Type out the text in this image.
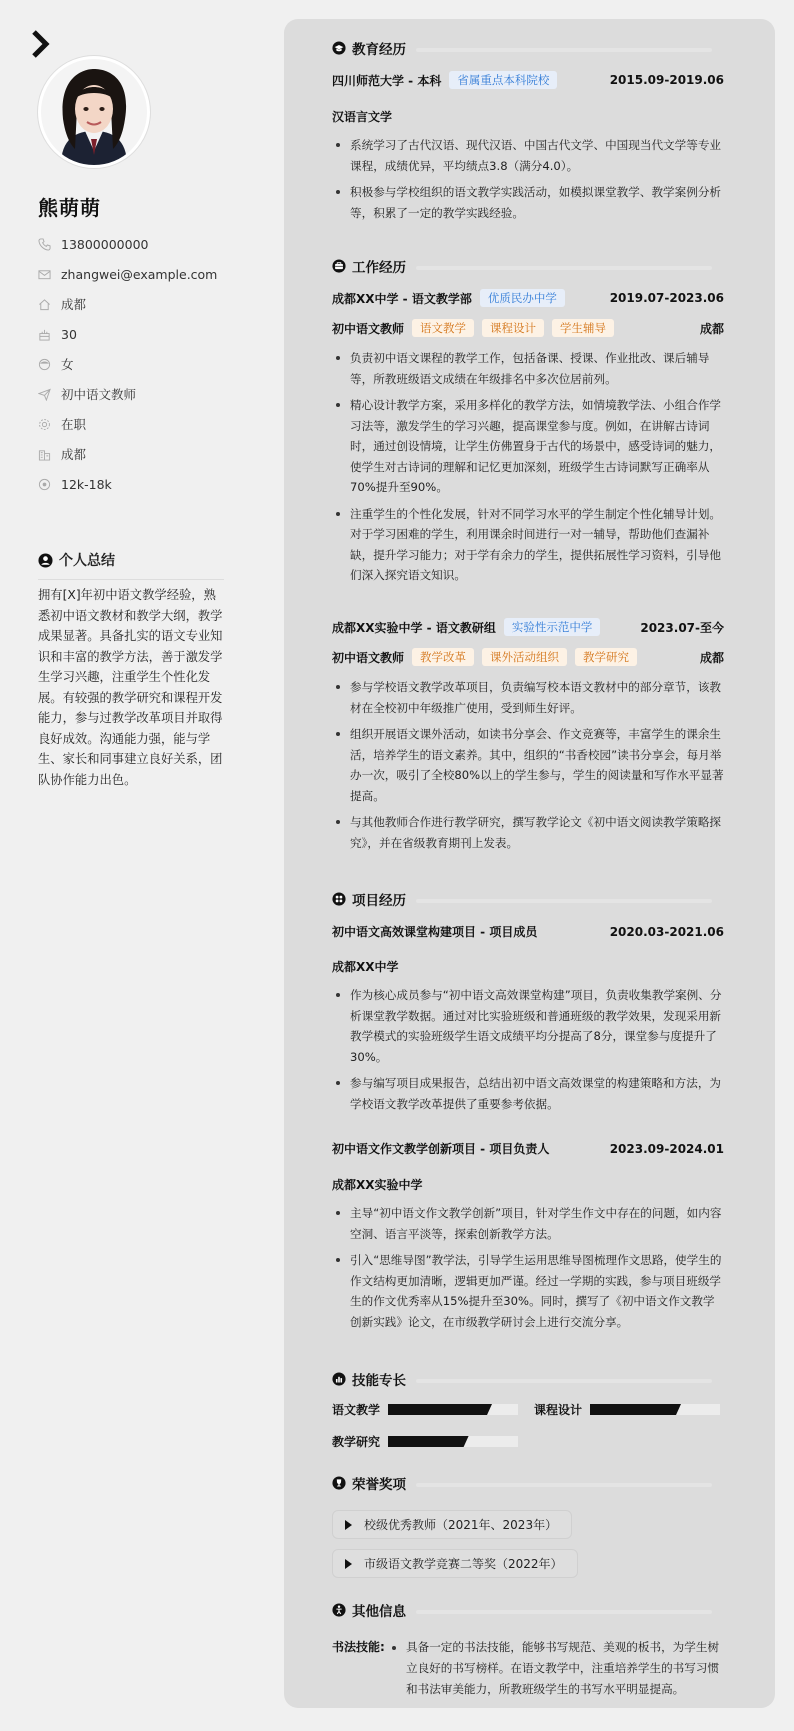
熊萌萌
13800000000
zhangwei@example.com
成都
30
女
初中语文教师
在职
成都
12k-18k
个人总结
拥有[X]年初中语文教学经验，熟悉初中语文教材和教学大纲，教学成果显著。具备扎实的语文专业知识和丰富的教学方法，善于激发学生学习兴趣，注重学生个性化发展。有较强的教学研究和课程开发能力，参与过教学改革项目并取得良好成效。沟通能力强，能与学生、家长和同事建立良好关系，团队协作能力出色。
教育经历
四川师范大学 - 本科	省属重点本科院校	2015.09-2019.06
汉语言文学
系统学习了古代汉语、现代汉语、中国古代文学、中国现当代文学等专业课程，成绩优异，平均绩点3.8（满分4.0）。
积极参与学校组织的语文教学实践活动，如模拟课堂教学、教学案例分析等，积累了一定的教学实践经验。
工作经历
成都XX中学 - 语文教学部	优质民办中学	2019.07-2023.06
初中语文教师	语文教学	课程设计	学生辅导	成都
负责初中语文课程的教学工作，包括备课、授课、作业批改、课后辅导等，所教班级语文成绩在年级排名中多次位居前列。
精心设计教学方案，采用多样化的教学方法，如情境教学法、小组合作学习法等，激发学生的学习兴趣，提高课堂参与度。例如，在讲解古诗词时，通过创设情境，让学生仿佛置身于古代的场景中，感受诗词的魅力，使学生对古诗词的理解和记忆更加深刻，班级学生古诗词默写正确率从70%提升至90%。
注重学生的个性化发展，针对不同学习水平的学生制定个性化辅导计划。对于学习困难的学生，利用课余时间进行一对一辅导，帮助他们查漏补缺，提升学习能力；对于学有余力的学生，提供拓展性学习资料，引导他们深入探究语文知识。
成都XX实验中学 - 语文教研组	实验性示范中学	2023.07-至今
初中语文教师	教学改革	课外活动组织	教学研究	成都
参与学校语文教学改革项目，负责编写校本语文教材中的部分章节，该教材在全校初中年级推广使用，受到师生好评。
组织开展语文课外活动，如读书分享会、作文竞赛等，丰富学生的课余生活，培养学生的语文素养。其中，组织的“书香校园”读书分享会，每月举办一次，吸引了全校80%以上的学生参与，学生的阅读量和写作水平显著提高。
与其他教师合作进行教学研究，撰写教学论文《初中语文阅读教学策略探究》，并在省级教育期刊上发表。
项目经历
初中语文高效课堂构建项目 - 项目成员	2020.03-2021.06
成都XX中学
作为核心成员参与“初中语文高效课堂构建”项目，负责收集教学案例、分析课堂教学数据。通过对比实验班级和普通班级的教学效果，发现采用新教学模式的实验班级学生语文成绩平均分提高了8分，课堂参与度提升了30%。
参与编写项目成果报告，总结出初中语文高效课堂的构建策略和方法，为学校语文教学改革提供了重要参考依据。
初中语文作文教学创新项目 - 项目负责人	2023.09-2024.01
成都XX实验中学
主导“初中语文作文教学创新”项目，针对学生作文中存在的问题，如内容空洞、语言平淡等，探索创新教学方法。
引入“思维导图”教学法，引导学生运用思维导图梳理作文思路，使学生的作文结构更加清晰，逻辑更加严谨。经过一学期的实践，参与项目班级学生的作文优秀率从15%提升至30%。同时，撰写了《初中语文作文教学创新实践》论文，在市级教学研讨会上进行交流分享。
技能专长
语文教学	课程设计
教学研究
荣誉奖项
校级优秀教师（2021年、2023年）
市级语文教学竞赛二等奖（2022年）
其他信息
书法技能:	具备一定的书法技能，能够书写规范、美观的板书，为学生树立良好的书写榜样。在语文教学中，注重培养学生的书写习惯和书法审美能力，所教班级学生的书写水平明显提高。
